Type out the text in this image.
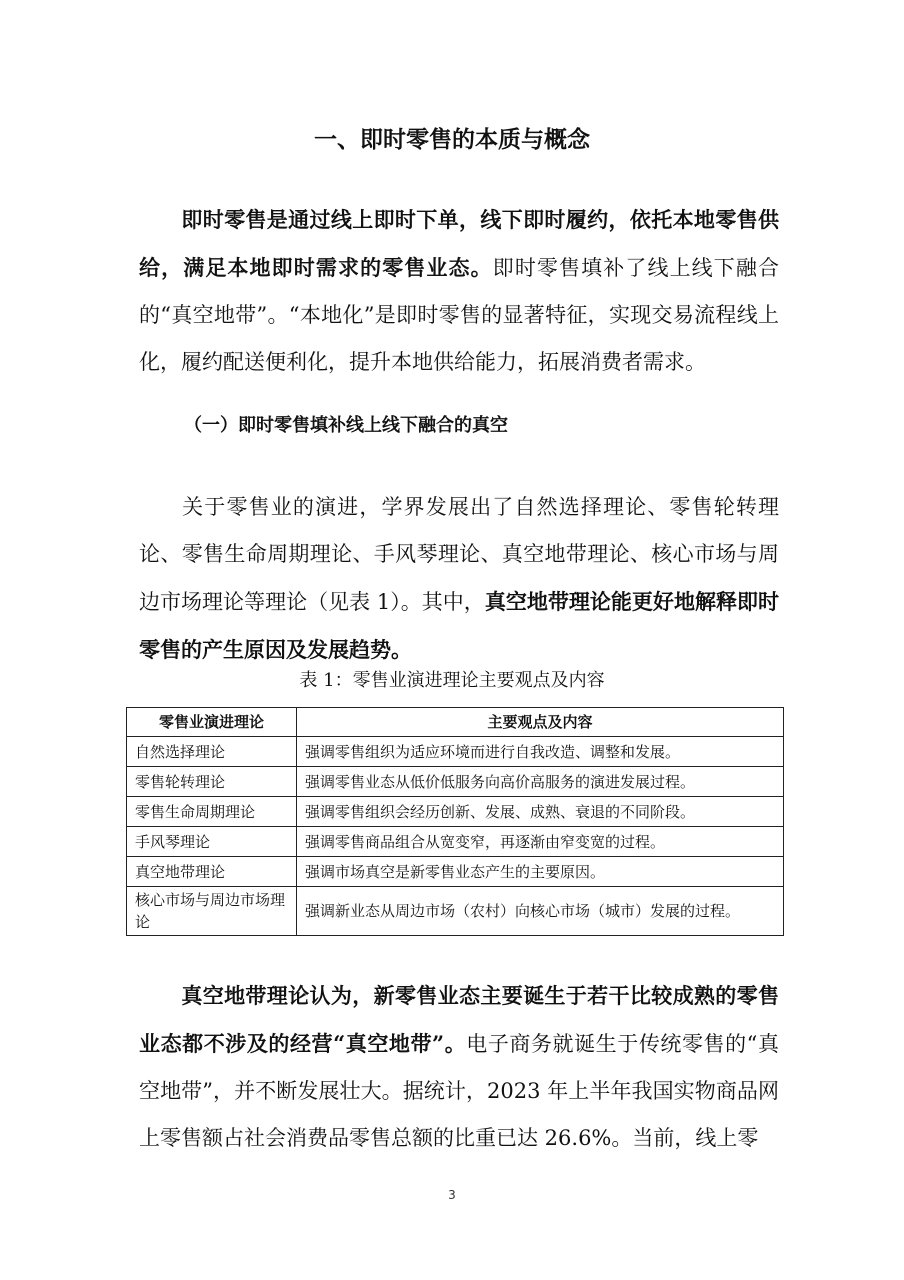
一、即时零售的本质与概念
即时零售是通过线上即时下单，线下即时履约，依托本地零售供给，满足本地即时需求的零售业态。即时零售填补了线上线下融合的“真空地带”。“本地化”是即时零售的显著特征，实现交易流程线上化，履约配送便利化，提升本地供给能力，拓展消费者需求。
（一）即时零售填补线上线下融合的真空
关于零售业的演进，学界发展出了自然选择理论、零售轮转理论、零售生命周期理论、手风琴理论、真空地带理论、核心市场与周边市场理论等理论（见表 1）。其中，真空地带理论能更好地解释即时零售的产生原因及发展趋势。
表 1：零售业演进理论主要观点及内容
零售业演进理论	主要观点及内容
自然选择理论	强调零售组织为适应环境而进行自我改造、调整和发展。
零售轮转理论	强调零售业态从低价低服务向高价高服务的演进发展过程。
零售生命周期理论	强调零售组织会经历创新、发展、成熟、衰退的不同阶段。
手风琴理论	强调零售商品组合从宽变窄，再逐渐由窄变宽的过程。
真空地带理论	强调市场真空是新零售业态产生的主要原因。
核心市场与周边市场理论	强调新业态从周边市场（农村）向核心市场（城市）发展的过程。
真空地带理论认为，新零售业态主要诞生于若干比较成熟的零售业态都不涉及的经营“真空地带”。电子商务就诞生于传统零售的“真空地带”，并不断发展壮大。据统计，2023 年上半年我国实物商品网上零售额占社会消费品零售总额的比重已达 26.6%。当前，线上零
3
